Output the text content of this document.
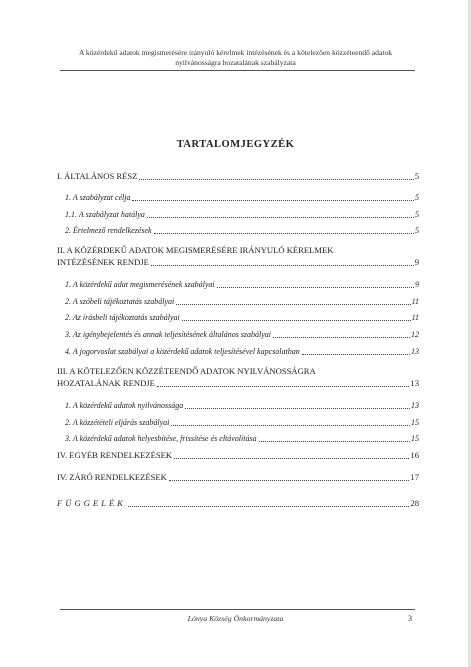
A közérdekű adatok megismerésére irányuló kérelmek intézésének és a kötelezően közzéteendő adatok
nyilvánosságra hozatalának szabályzata
TARTALOMJEGYZÉK
I. ÁLTALÁNOS RÉSZ	5
1. A szabályzat célja	5
1.1. A szabályzat hatálya	5
2. Értelmező rendelkezések	5
II. A KÖZÉRDEKŰ ADATOK MEGISMERÉSÉRE IRÁNYULÓ KÉRELMEK
INTÉZÉSÉNEK RENDJE	9
1. A közérdekű adat megismerésének szabályai	9
2. A szóbeli tájékoztatás szabályai	11
2. Az írásbeli tájékoztatás szabályai	11
3. Az igénybejelentés és annak teljesítésének általános szabályai	12
4. A jogorvoslat szabályai a közérdekű adatok teljesítésével kapcsolatban	13
III. A KÖTELEZŐEN KÖZZÉTEENDŐ ADATOK NYILVÁNOSSÁGRA
HOZATALÁNAK RENDJE	13
1. A közérdekű adatok nyilvánossága	13
2. A közzétételi eljárás szabályai	15
3. A közérdekű adatok helyesbítése, frissítése és eltávolítása	15
IV. EGYÉB RENDELKEZÉSEK	16
IV. ZÁRÓ RENDELKEZÉSEK	17
FÜGGELÉK	28
Lónya Község Önkormányzata	3
